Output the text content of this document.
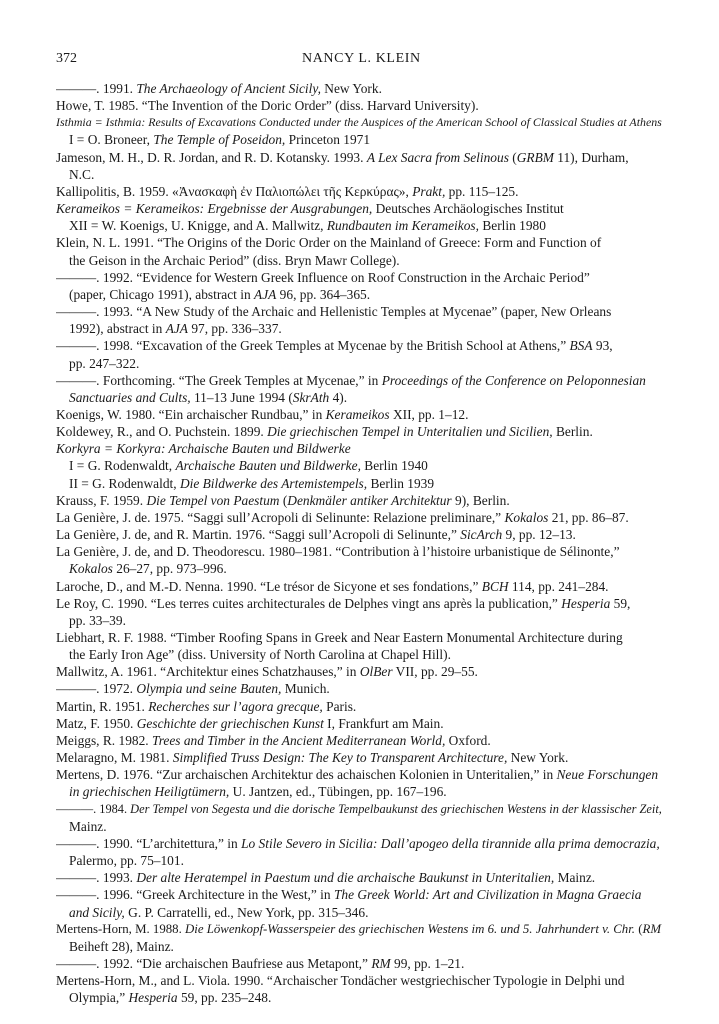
372	NANCY L. KLEIN
———. 1991. The Archaeology of Ancient Sicily, New York.
Howe, T. 1985. “The Invention of the Doric Order” (diss. Harvard University).
Isthmia = Isthmia: Results of Excavations Conducted under the Auspices of the American School of Classical Studies at Athens
I = O. Broneer, The Temple of Poseidon, Princeton 1971
Jameson, M. H., D. R. Jordan, and R. D. Kotansky. 1993. A Lex Sacra from Selinous (GRBM 11), Durham,
N.C.
Kallipolitis, B. 1959. «Ἀνασκαφὴ ἐν Παλιοπώλει τῆς Κερκύρας», Prakt, pp. 115–125.
Kerameikos = Kerameikos: Ergebnisse der Ausgrabungen, Deutsches Archäologisches Institut
XII = W. Koenigs, U. Knigge, and A. Mallwitz, Rundbauten im Kerameikos, Berlin 1980
Klein, N. L. 1991. “The Origins of the Doric Order on the Mainland of Greece: Form and Function of
the Geison in the Archaic Period” (diss. Bryn Mawr College).
———. 1992. “Evidence for Western Greek Influence on Roof Construction in the Archaic Period”
(paper, Chicago 1991), abstract in AJA 96, pp. 364–365.
———. 1993. “A New Study of the Archaic and Hellenistic Temples at Mycenae” (paper, New Orleans
1992), abstract in AJA 97, pp. 336–337.
———. 1998. “Excavation of the Greek Temples at Mycenae by the British School at Athens,” BSA 93,
pp. 247–322.
———. Forthcoming. “The Greek Temples at Mycenae,” in Proceedings of the Conference on Peloponnesian
Sanctuaries and Cults, 11–13 June 1994 (SkrAth 4).
Koenigs, W. 1980. “Ein archaischer Rundbau,” in Kerameikos XII, pp. 1–12.
Koldewey, R., and O. Puchstein. 1899. Die griechischen Tempel in Unteritalien und Sicilien, Berlin.
Korkyra = Korkyra: Archaische Bauten und Bildwerke
I = G. Rodenwaldt, Archaische Bauten und Bildwerke, Berlin 1940
II = G. Rodenwaldt, Die Bildwerke des Artemistempels, Berlin 1939
Krauss, F. 1959. Die Tempel von Paestum (Denkmäler antiker Architektur 9), Berlin.
La Genière, J. de. 1975. “Saggi sull’Acropoli di Selinunte: Relazione preliminare,” Kokalos 21, pp. 86–87.
La Genière, J. de, and R. Martin. 1976. “Saggi sull’Acropoli di Selinunte,” SicArch 9, pp. 12–13.
La Genière, J. de, and D. Theodorescu. 1980–1981. “Contribution à l’histoire urbanistique de Sélinonte,”
Kokalos 26–27, pp. 973–996.
Laroche, D., and M.-D. Nenna. 1990. “Le trésor de Sicyone et ses fondations,” BCH 114, pp. 241–284.
Le Roy, C. 1990. “Les terres cuites architecturales de Delphes vingt ans après la publication,” Hesperia 59,
pp. 33–39.
Liebhart, R. F. 1988. “Timber Roofing Spans in Greek and Near Eastern Monumental Architecture during
the Early Iron Age” (diss. University of North Carolina at Chapel Hill).
Mallwitz, A. 1961. “Architektur eines Schatzhauses,” in OlBer VII, pp. 29–55.
———. 1972. Olympia und seine Bauten, Munich.
Martin, R. 1951. Recherches sur l’agora grecque, Paris.
Matz, F. 1950. Geschichte der griechischen Kunst I, Frankfurt am Main.
Meiggs, R. 1982. Trees and Timber in the Ancient Mediterranean World, Oxford.
Melaragno, M. 1981. Simplified Truss Design: The Key to Transparent Architecture, New York.
Mertens, D. 1976. “Zur archaischen Architektur des achaischen Kolonien in Unteritalien,” in Neue Forschungen
in griechischen Heiligtümern, U. Jantzen, ed., Tübingen, pp. 167–196.
———. 1984. Der Tempel von Segesta und die dorische Tempelbaukunst des griechischen Westens in der klassischer Zeit,
Mainz.
———. 1990. “L’architettura,” in Lo Stile Severo in Sicilia: Dall’apogeo della tirannide alla prima democrazia,
Palermo, pp. 75–101.
———. 1993. Der alte Heratempel in Paestum und die archaische Baukunst in Unteritalien, Mainz.
———. 1996. “Greek Architecture in the West,” in The Greek World: Art and Civilization in Magna Graecia
and Sicily, G. P. Carratelli, ed., New York, pp. 315–346.
Mertens-Horn, M. 1988. Die Löwenkopf-Wasserspeier des griechischen Westens im 6. und 5. Jahrhundert v. Chr. (RM
Beiheft 28), Mainz.
———. 1992. “Die archaischen Baufriese aus Metapont,” RM 99, pp. 1–21.
Mertens-Horn, M., and L. Viola. 1990. “Archaischer Tondächer westgriechischer Typologie in Delphi und
Olympia,” Hesperia 59, pp. 235–248.
